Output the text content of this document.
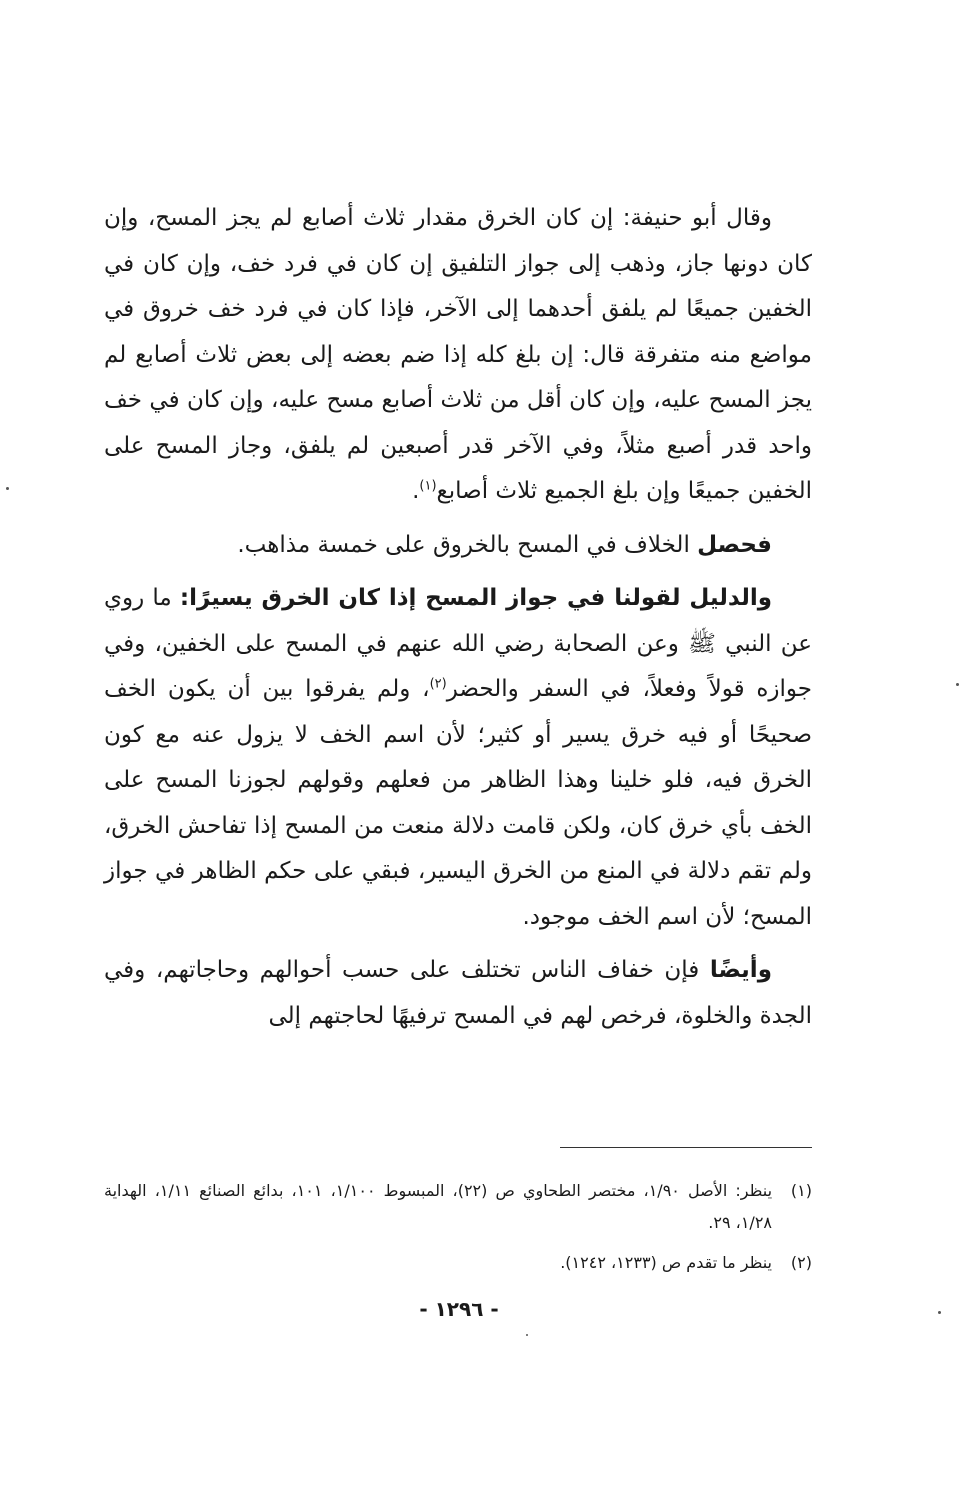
وقال أبو حنيفة: إن كان الخرق مقدار ثلاث أصابع لم يجز المسح، وإن كان دونها جاز، وذهب إلى جواز التلفيق إن كان في فرد خف، وإن كان في الخفين جميعًا لم يلفق أحدهما إلى الآخر، فإذا كان في فرد خف خروق في مواضع منه متفرقة قال: إن بلغ كله إذا ضم بعضه إلى بعض ثلاث أصابع لم يجز المسح عليه، وإن كان أقل من ثلاث أصابع مسح عليه، وإن كان في خف واحد قدر أصبع مثلاً، وفي الآخر قدر أصبعين لم يلفق، وجاز المسح على الخفين جميعًا وإن بلغ الجميع ثلاث أصابع$^{(١)}$.

فحصل الخلاف في المسح بالخروق على خمسة مذاهب.

والدليل لقولنا في جواز المسح إذا كان الخرق يسيرًا: ما روي عن النبي ﷺ وعن الصحابة رضي الله عنهم في المسح على الخفين، وفي جوازه قولاً وفعلاً، في السفر والحضر$^{(٢)}$، ولم يفرقوا بين أن يكون الخف صحيحًا أو فيه خرق يسير أو كثير؛ لأن اسم الخف لا يزول عنه مع كون الخرق فيه، فلو خلينا وهذا الظاهر من فعلهم وقولهم لجوزنا المسح على الخف بأي خرق كان، ولكن قامت دلالة منعت من المسح إذا تفاحش الخرق، ولم تقم دلالة في المنع من الخرق اليسير، فبقي على حكم الظاهر في جواز المسح؛ لأن اسم الخف موجود.

وأيضًا فإن خفاف الناس تختلف على حسب أحوالهم وحاجاتهم، وفي الجدة والخلوة، فرخص لهم في المسح ترفيهًا لحاجتهم إلى

(١)
ينظر: الأصل ١/٩٠، مختصر الطحاوي ص (٢٢)، المبسوط ١/١٠٠، ١٠١، بدائع الصنائع ١/١١، الهداية ١/٢٨، ٢٩.
(٢)
ينظر ما تقدم ص (١٢٣٣، ١٢٤٢).
- ١٢٩٦ -
